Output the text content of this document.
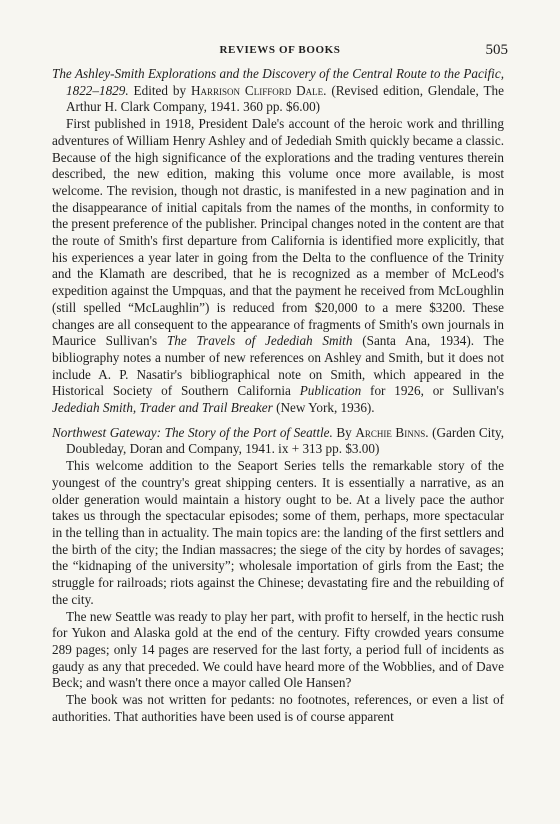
REVIEWS OF BOOKS	505

The Ashley-Smith Explorations and the Discovery of the Central Route to the Pacific, 1822–1829. Edited by Harrison Clifford Dale. (Revised edition, Glendale, The Arthur H. Clark Company, 1941. 360 pp. $6.00)

First published in 1918, President Dale's account of the heroic work and thrilling adventures of William Henry Ashley and of Jedediah Smith quickly became a classic. Because of the high significance of the explorations and the trading ventures therein described, the new edition, making this volume once more available, is most welcome. The revision, though not drastic, is manifested in a new pagination and in the disappearance of initial capitals from the names of the months, in conformity to the present preference of the publisher. Principal changes noted in the content are that the route of Smith's first departure from California is identified more explicitly, that his experiences a year later in going from the Delta to the confluence of the Trinity and the Klamath are described, that he is recognized as a member of McLeod's expedition against the Umpquas, and that the payment he received from McLoughlin (still spelled “McLaughlin”) is reduced from $20,000 to a mere $3200. These changes are all consequent to the appearance of fragments of Smith's own journals in Maurice Sullivan's The Travels of Jedediah Smith (Santa Ana, 1934). The bibliography notes a number of new references on Ashley and Smith, but it does not include A. P. Nasatir's bibliographical note on Smith, which appeared in the Historical Society of Southern California Publication for 1926, or Sullivan's Jedediah Smith, Trader and Trail Breaker (New York, 1936).

Northwest Gateway: The Story of the Port of Seattle. By Archie Binns. (Garden City, Doubleday, Doran and Company, 1941. ix + 313 pp. $3.00)

This welcome addition to the Seaport Series tells the remarkable story of the youngest of the country's great shipping centers. It is essentially a narrative, as an older generation would maintain a history ought to be. At a lively pace the author takes us through the spectacular episodes; some of them, perhaps, more spectacular in the telling than in actuality. The main topics are: the landing of the first settlers and the birth of the city; the Indian massacres; the siege of the city by hordes of savages; the “kidnaping of the university”; wholesale importation of girls from the East; the struggle for railroads; riots against the Chinese; devastating fire and the rebuilding of the city.

The new Seattle was ready to play her part, with profit to herself, in the hectic rush for Yukon and Alaska gold at the end of the century. Fifty crowded years consume 289 pages; only 14 pages are reserved for the last forty, a period full of incidents as gaudy as any that preceded. We could have heard more of the Wobblies, and of Dave Beck; and wasn't there once a mayor called Ole Hansen?

The book was not written for pedants: no footnotes, references, or even a list of authorities. That authorities have been used is of course apparent
